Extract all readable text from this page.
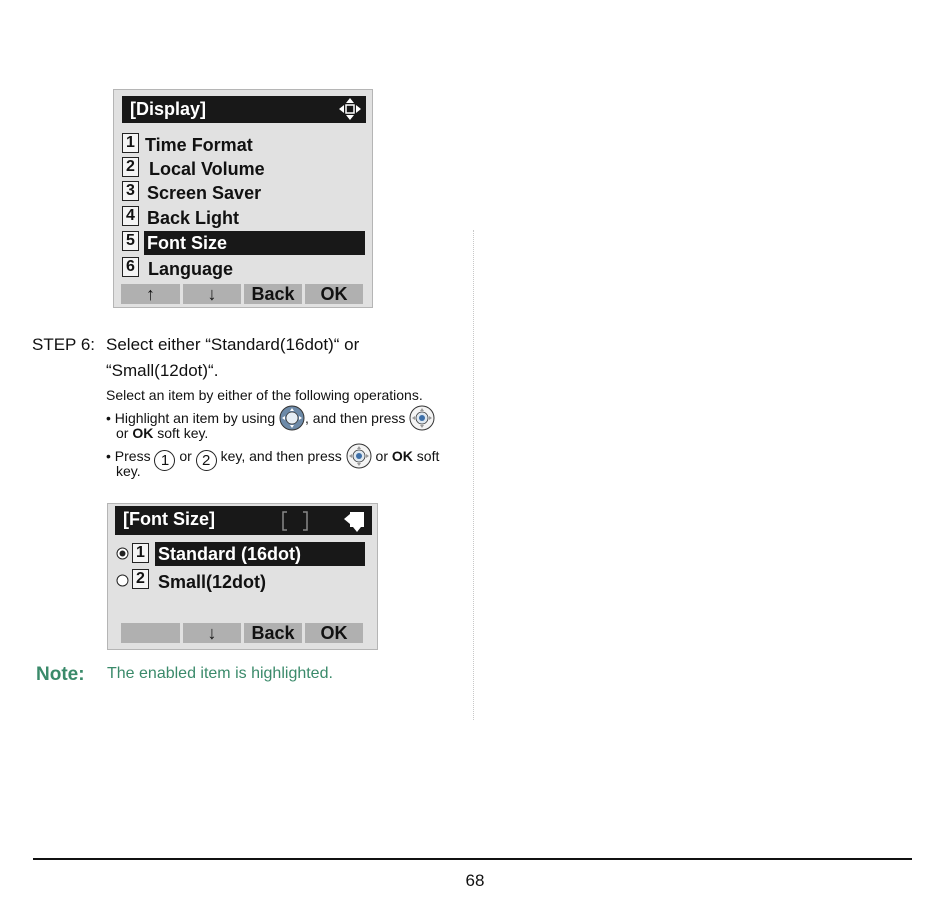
[Display]
1 Time Format
2 Local Volume
3 Screen Saver
4 Back Light
5 Font Size
6 Language
↑	↓	Back	OK
STEP 6: Select either “Standard(16dot)“ or
“Small(12dot)“.
Select an item by either of the following operations.
• Highlight an item by using , and then press
or OK soft key.
• Press 1 or 2 key, and then press or OK soft
key.
[Font Size]
1 Standard (16dot)
2 Small(12dot)
↓	Back	OK
Note: The enabled item is highlighted.
68
